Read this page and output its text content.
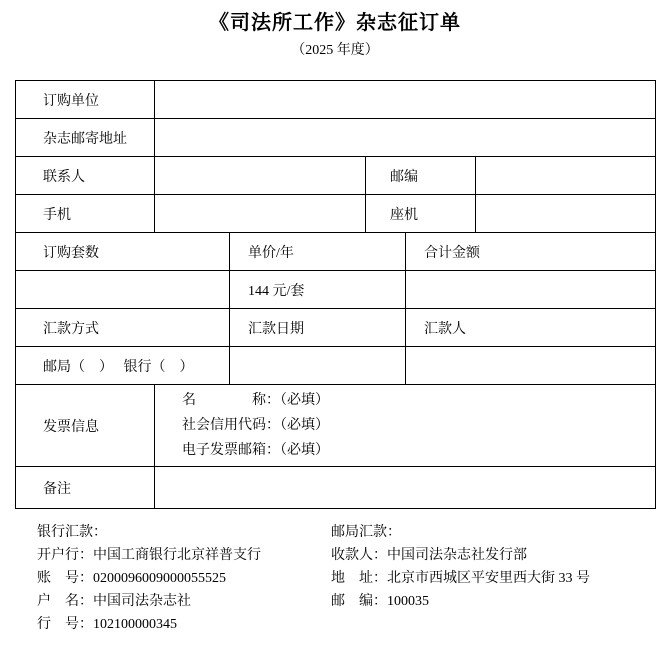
《司法所工作》杂志征订单
（2025 年度）
订购单位					
杂志邮寄地址					
联系人			邮编		
手机			座机		
订购套数		单价/年		合计金额	
		144 元/套			
汇款方式		汇款日期		汇款人	
邮局（　）　 银行（　）					
发票信息	名　　　　称：（必填）
社会信用代码：（必填）
电子发票邮箱：（必填）				

备注					
银行汇款：
开户行：中国工商银行北京祥普支行
账　号：0200096009000055525
户　名：中国司法杂志社
行　号：102100000345
邮局汇款：
收款人：中国司法杂志社发行部
地　址：北京市西城区平安里西大街 33 号
邮　编：100035
